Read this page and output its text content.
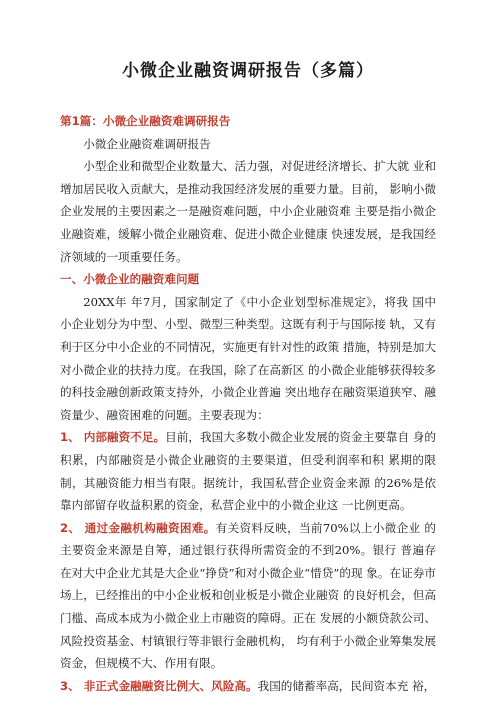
小微企业融资调研报告（多篇）
第1篇：小微企业融资难调研报告

小微企业融资难调研报告

小型企业和微型企业数量大、活力强，对促进经济增长、扩大就 业和增加居民收入贡献大，是推动我国经济发展的重要力量。目前， 影响小微企业发展的主要因素之一是融资难问题，中小企业融资难 主要是指小微企业融资难，缓解小微企业融资难、促进小微企业健康 快速发展，是我国经济领域的一项重要任务。

一、小微企业的融资难问题

20XX年 年7月，国家制定了《中小企业划型标准规定》，将我 国中小企业划分为中型、小型、微型三种类型。这既有利于与国际接 轨，又有利于区分中小企业的不同情况，实施更有针对性的政策 措施，特别是加大对小微企业的扶持力度。在我国，除了在高新区 的小微企业能够获得较多的科技金融创新政策支持外，小微企业普遍 突出地存在融资渠道狭窄、融资量少、融资困难的问题。主要表现为：

1、 内部融资不足。目前，我国大多数小微企业发展的资金主要靠自 身的积累，内部融资是小微企业融资的主要渠道，但受利润率和积 累期的限制，其融资能力相当有限。据统计，我国私营企业资金来源 的26%是依靠内部留存收益积累的资金，私营企业中的小微企业这 一比例更高。

2、 通过金融机构融资困难。有关资料反映，当前70%以上小微企业 的主要资金来源是自筹，通过银行获得所需资金的不到20%。银行 普遍存在对大中企业尤其是大企业“挣贷”和对小微企业“惜贷”的现 象。在证券市场上，已经推出的中小企业板和创业板是小微企业融资 的良好机会，但高门槛、高成本成为小微企业上市融资的障碍。正在 发展的小额贷款公司、风险投资基金、村镇银行等非银行金融机构， 均有利于小微企业筹集发展资金，但规模不大、作用有限。

3、 非正式金融融资比例大、风险高。我国的储蓄率高，民间资本充 裕，
